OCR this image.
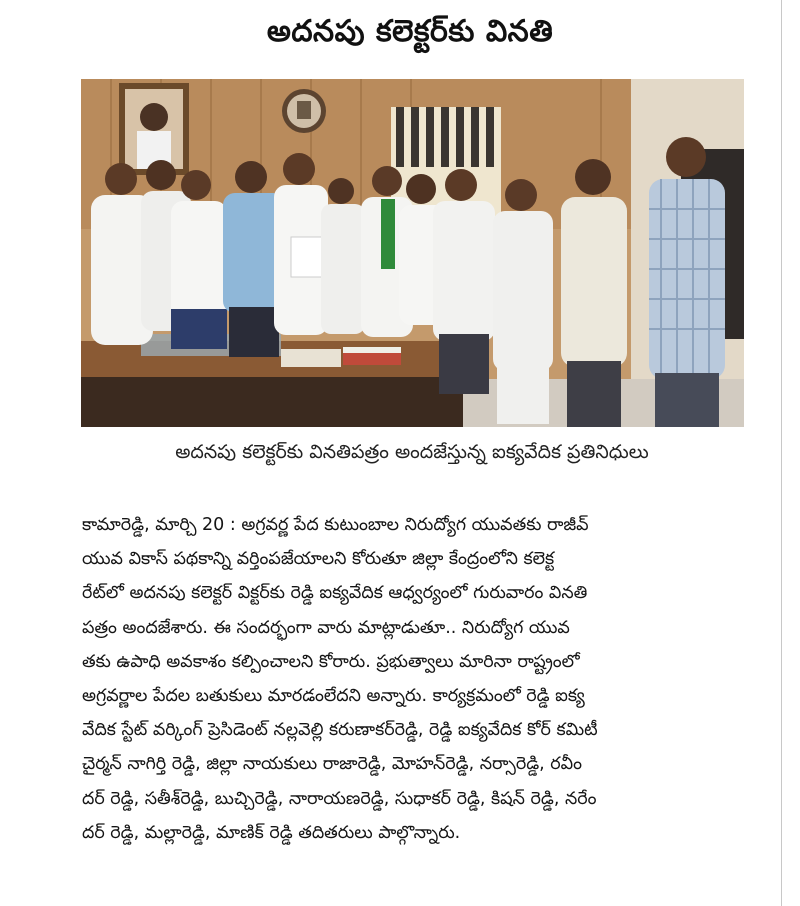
అదనపు కలెక్టర్‌కు వినతి
అదనపు కలెక్టర్‌కు వినతిపత్రం అందజేస్తున్న ఐక్యవేదిక ప్రతినిధులు
కామారెడ్డి, మార్చి 20 : అగ్రవర్ణ పేద కుటుంబాల నిరుద్యోగ యువతకు రాజీవ్
యువ వికాస్ పథకాన్ని వర్తింపజేయాలని కోరుతూ జిల్లా కేంద్రంలోని కలెక్ట
రేట్‌లో అదనపు కలెక్టర్ విక్టర్‌కు రెడ్డి ఐక్యవేదిక ఆధ్వర్యంలో గురువారం వినతి
పత్రం అందజేశారు. ఈ సందర్భంగా వారు మాట్లాడుతూ.. నిరుద్యోగ యువ
తకు ఉపాధి అవకాశం కల్పించాలని కోరారు. ప్రభుత్వాలు మారినా రాష్ట్రంలో
అగ్రవర్ణాల పేదల బతుకులు మారడంలేదని అన్నారు. కార్యక్రమంలో రెడ్డి ఐక్య
వేదిక స్టేట్ వర్కింగ్ ప్రెసిడెంట్ నల్లవెల్లి కరుణాకర్‌రెడ్డి, రెడ్డి ఐక్యవేదిక కోర్ కమిటీ
చైర్మన్ నాగిర్తి రెడ్డి, జిల్లా నాయకులు రాజారెడ్డి, మోహన్‌రెడ్డి, నర్సారెడ్డి, రవీం
దర్ రెడ్డి, సతీశ్‌రెడ్డి, బుచ్చిరెడ్డి, నారాయణరెడ్డి, సుధాకర్ రెడ్డి, కిషన్ రెడ్డి, నరేం
దర్ రెడ్డి, మల్లారెడ్డి, మాణిక్ రెడ్డి తదితరులు పాల్గొన్నారు.
